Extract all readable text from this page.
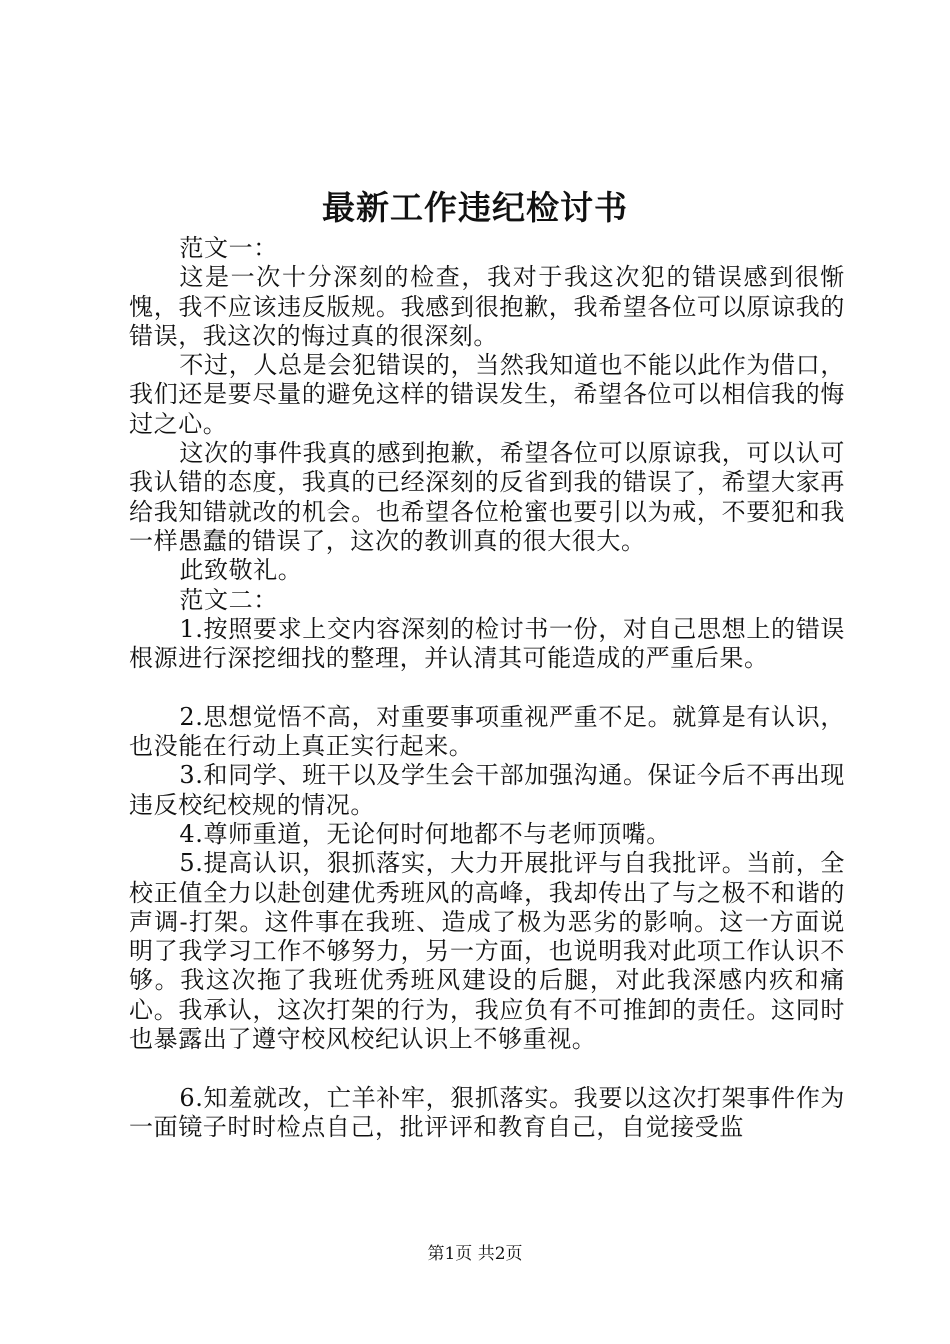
最新工作违纪检讨书

范文一：

这是一次十分深刻的检查，我对于我这次犯的错误感到很惭愧，我不应该违反版规。我感到很抱歉，我希望各位可以原谅我的错误，我这次的悔过真的很深刻。

不过，人总是会犯错误的，当然我知道也不能以此作为借口，我们还是要尽量的避免这样的错误发生，希望各位可以相信我的悔过之心。

这次的事件我真的感到抱歉，希望各位可以原谅我，可以认可我认错的态度，我真的已经深刻的反省到我的错误了，希望大家再给我知错就改的机会。也希望各位枪蜜也要引以为戒，不要犯和我一样愚蠢的错误了，这次的教训真的很大很大。

此致敬礼。

范文二：

1.按照要求上交内容深刻的检讨书一份，对自己思想上的错误根源进行深挖细找的整理，并认清其可能造成的严重后果。

2.思想觉悟不高，对重要事项重视严重不足。就算是有认识，也没能在行动上真正实行起来。

3.和同学、班干以及学生会干部加强沟通。保证今后不再出现违反校纪校规的情况。

4.尊师重道，无论何时何地都不与老师顶嘴。

5.提高认识，狠抓落实，大力开展批评与自我批评。当前，全校正值全力以赴创建优秀班风的高峰，我却传出了与之极不和谐的声调-打架。这件事在我班、造成了极为恶劣的影响。这一方面说明了我学习工作不够努力，另一方面，也说明我对此项工作认识不够。我这次拖了我班优秀班风建设的后腿，对此我深感内疚和痛心。我承认，这次打架的行为，我应负有不可推卸的责任。这同时也暴露出了遵守校风校纪认识上不够重视。

6.知羞就改，亡羊补牢，狠抓落实。我要以这次打架事件作为一面镜子时时检点自己，批评评和教育自己，自觉接受监

第1页 共2页
